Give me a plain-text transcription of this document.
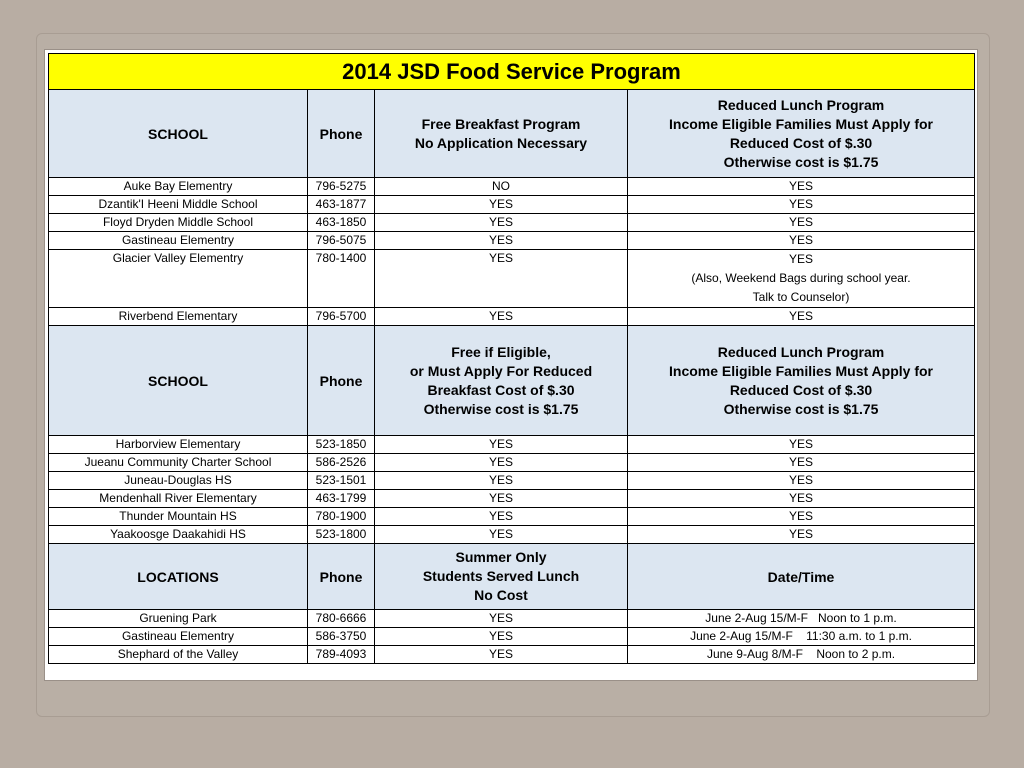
2014 JSD Food Service Program			
SCHOOL	Phone	Free Breakfast Program
No Application Necessary	Reduced Lunch Program
Income Eligible Families Must Apply for
Reduced Cost of $.30
Otherwise cost is $1.75

Auke Bay Elementry	796-5275	NO	YES
Dzantik'I Heeni Middle School	463-1877	YES	YES
Floyd Dryden Middle School	463-1850	YES	YES
Gastineau Elementry	796-5075	YES	YES
Glacier Valley Elementry	780-1400	YES	YES
(Also, Weekend Bags during school year.
Talk to Counselor)

Riverbend Elementary	796-5700	YES	YES
SCHOOL	Phone	Free if Eligible,
or Must Apply For Reduced
Breakfast Cost of $.30
Otherwise cost is $1.75	Reduced Lunch Program
Income Eligible Families Must Apply for
Reduced Cost of $.30
Otherwise cost is $1.75

Harborview Elementary	523-1850	YES	YES
Jueanu Community Charter School	586-2526	YES	YES
Juneau-Douglas HS	523-1501	YES	YES
Mendenhall River Elementary	463-1799	YES	YES
Thunder Mountain HS	780-1900	YES	YES
Yaakoosge Daakahidi HS	523-1800	YES	YES
LOCATIONS	Phone	Summer Only
Students Served Lunch
No Cost	Date/Time
Gruening Park	780-6666	YES	June 2-Aug 15/M-F   Noon to 1 p.m.
Gastineau Elementry	586-3750	YES	June 2-Aug 15/M-F    11:30 a.m. to 1 p.m.
Shephard of the Valley	789-4093	YES	June 9-Aug 8/M-F    Noon to 2 p.m.
